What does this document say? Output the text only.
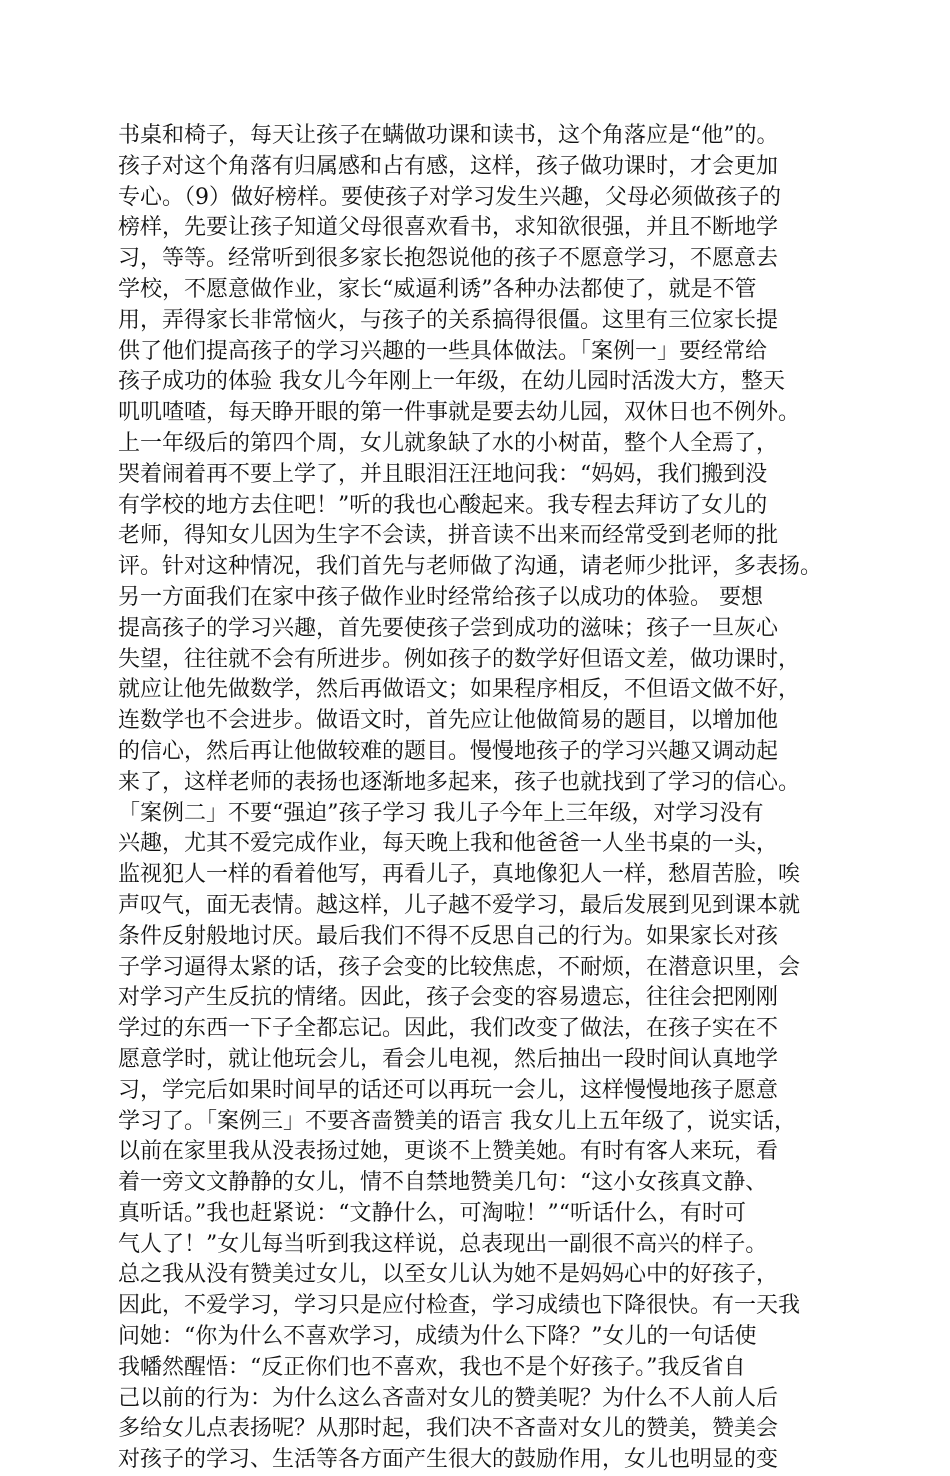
书桌和椅子，每天让孩子在螨做功课和读书，这个角落应是“他”的。
孩子对这个角落有归属感和占有感，这样，孩子做功课时，才会更加
专心。（9）做好榜样。要使孩子对学习发生兴趣，父母必须做孩子的
榜样，先要让孩子知道父母很喜欢看书，求知欲很强，并且不断地学
习，等等。经常听到很多家长抱怨说他的孩子不愿意学习，不愿意去
学校，不愿意做作业，家长“威逼利诱”各种办法都使了，就是不管
用，弄得家长非常恼火，与孩子的关系搞得很僵。这里有三位家长提
供了他们提高孩子的学习兴趣的一些具体做法。「案例一」要经常给
孩子成功的体验 我女儿今年刚上一年级，在幼儿园时活泼大方，整天
叽叽喳喳，每天睁开眼的第一件事就是要去幼儿园，双休日也不例外。
上一年级后的第四个周，女儿就象缺了水的小树苗，整个人全焉了，
哭着闹着再不要上学了，并且眼泪汪汪地问我：“妈妈，我们搬到没
有学校的地方去住吧！”听的我也心酸起来。我专程去拜访了女儿的
老师，得知女儿因为生字不会读，拼音读不出来而经常受到老师的批
评。针对这种情况，我们首先与老师做了沟通，请老师少批评，多表扬。
另一方面我们在家中孩子做作业时经常给孩子以成功的体验。 要想
提高孩子的学习兴趣，首先要使孩子尝到成功的滋味；孩子一旦灰心
失望，往往就不会有所进步。例如孩子的数学好但语文差，做功课时，
就应让他先做数学，然后再做语文；如果程序相反，不但语文做不好，
连数学也不会进步。做语文时，首先应让他做简易的题目，以增加他
的信心，然后再让他做较难的题目。慢慢地孩子的学习兴趣又调动起
来了，这样老师的表扬也逐渐地多起来，孩子也就找到了学习的信心。
「案例二」不要“强迫”孩子学习 我儿子今年上三年级，对学习没有
兴趣，尤其不爱完成作业，每天晚上我和他爸爸一人坐书桌的一头，
监视犯人一样的看着他写，再看儿子，真地像犯人一样，愁眉苦脸，唉
声叹气，面无表情。越这样，儿子越不爱学习，最后发展到见到课本就
条件反射般地讨厌。最后我们不得不反思自己的行为。如果家长对孩
子学习逼得太紧的话，孩子会变的比较焦虑，不耐烦，在潜意识里，会
对学习产生反抗的情绪。因此，孩子会变的容易遗忘，往往会把刚刚
学过的东西一下子全都忘记。因此，我们改变了做法，在孩子实在不
愿意学时，就让他玩会儿，看会儿电视，然后抽出一段时间认真地学
习，学完后如果时间早的话还可以再玩一会儿，这样慢慢地孩子愿意
学习了。「案例三」不要吝啬赞美的语言 我女儿上五年级了，说实话，
以前在家里我从没表扬过她，更谈不上赞美她。有时有客人来玩，看
着一旁文文静静的女儿，情不自禁地赞美几句：“这小女孩真文静、
真听话。”我也赶紧说：“文静什么，可淘啦！”“听话什么，有时可
气人了！”女儿每当听到我这样说，总表现出一副很不高兴的样子。
总之我从没有赞美过女儿，以至女儿认为她不是妈妈心中的好孩子，
因此，不爱学习，学习只是应付检查，学习成绩也下降很快。有一天我
问她：“你为什么不喜欢学习，成绩为什么下降？”女儿的一句话使
我幡然醒悟：“反正你们也不喜欢，我也不是个好孩子。”我反省自
己以前的行为：为什么这么吝啬对女儿的赞美呢？为什么不人前人后
多给女儿点表扬呢？从那时起，我们决不吝啬对女儿的赞美，赞美会
对孩子的学习、生活等各方面产生很大的鼓励作用，女儿也明显的变
